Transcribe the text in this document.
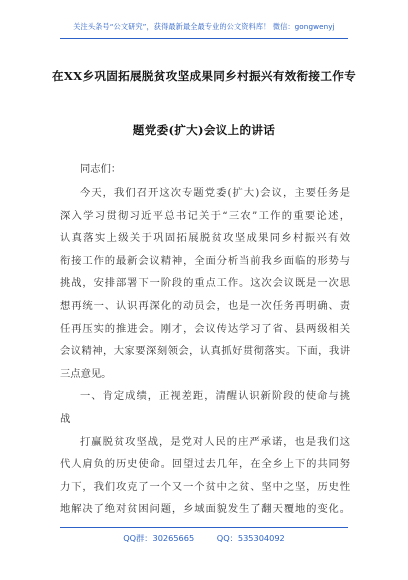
关注头条号“公文研究”，获得最新最全最专业的公文资料库！ 微信：gongwenyj
在XX乡巩固拓展脱贫攻坚成果同乡村振兴有效衔接工作专
题党委(扩大)会议上的讲话
同志们：
今天，我们召开这次专题党委(扩大)会议，主要任务是
深入学习贯彻习近平总书记关于“三农”工作的重要论述，
认真落实上级关于巩固拓展脱贫攻坚成果同乡村振兴有效
衔接工作的最新会议精神，全面分析当前我乡面临的形势与
挑战，安排部署下一阶段的重点工作。这次会议既是一次思
想再统一、认识再深化的动员会，也是一次任务再明确、责
任再压实的推进会。刚才，会议传达学习了省、县两级相关
会议精神，大家要深刻领会，认真抓好贯彻落实。下面，我讲
三点意见。
一、肯定成绩，正视差距，清醒认识新阶段的使命与挑
战
打赢脱贫攻坚战，是党对人民的庄严承诺，也是我们这
代人肩负的历史使命。回望过去几年，在全乡上下的共同努
力下，我们攻克了一个又一个贫中之贫、坚中之坚，历史性
地解决了绝对贫困问题，乡域面貌发生了翻天覆地的变化。
QQ群：30265665	QQ：535304092
